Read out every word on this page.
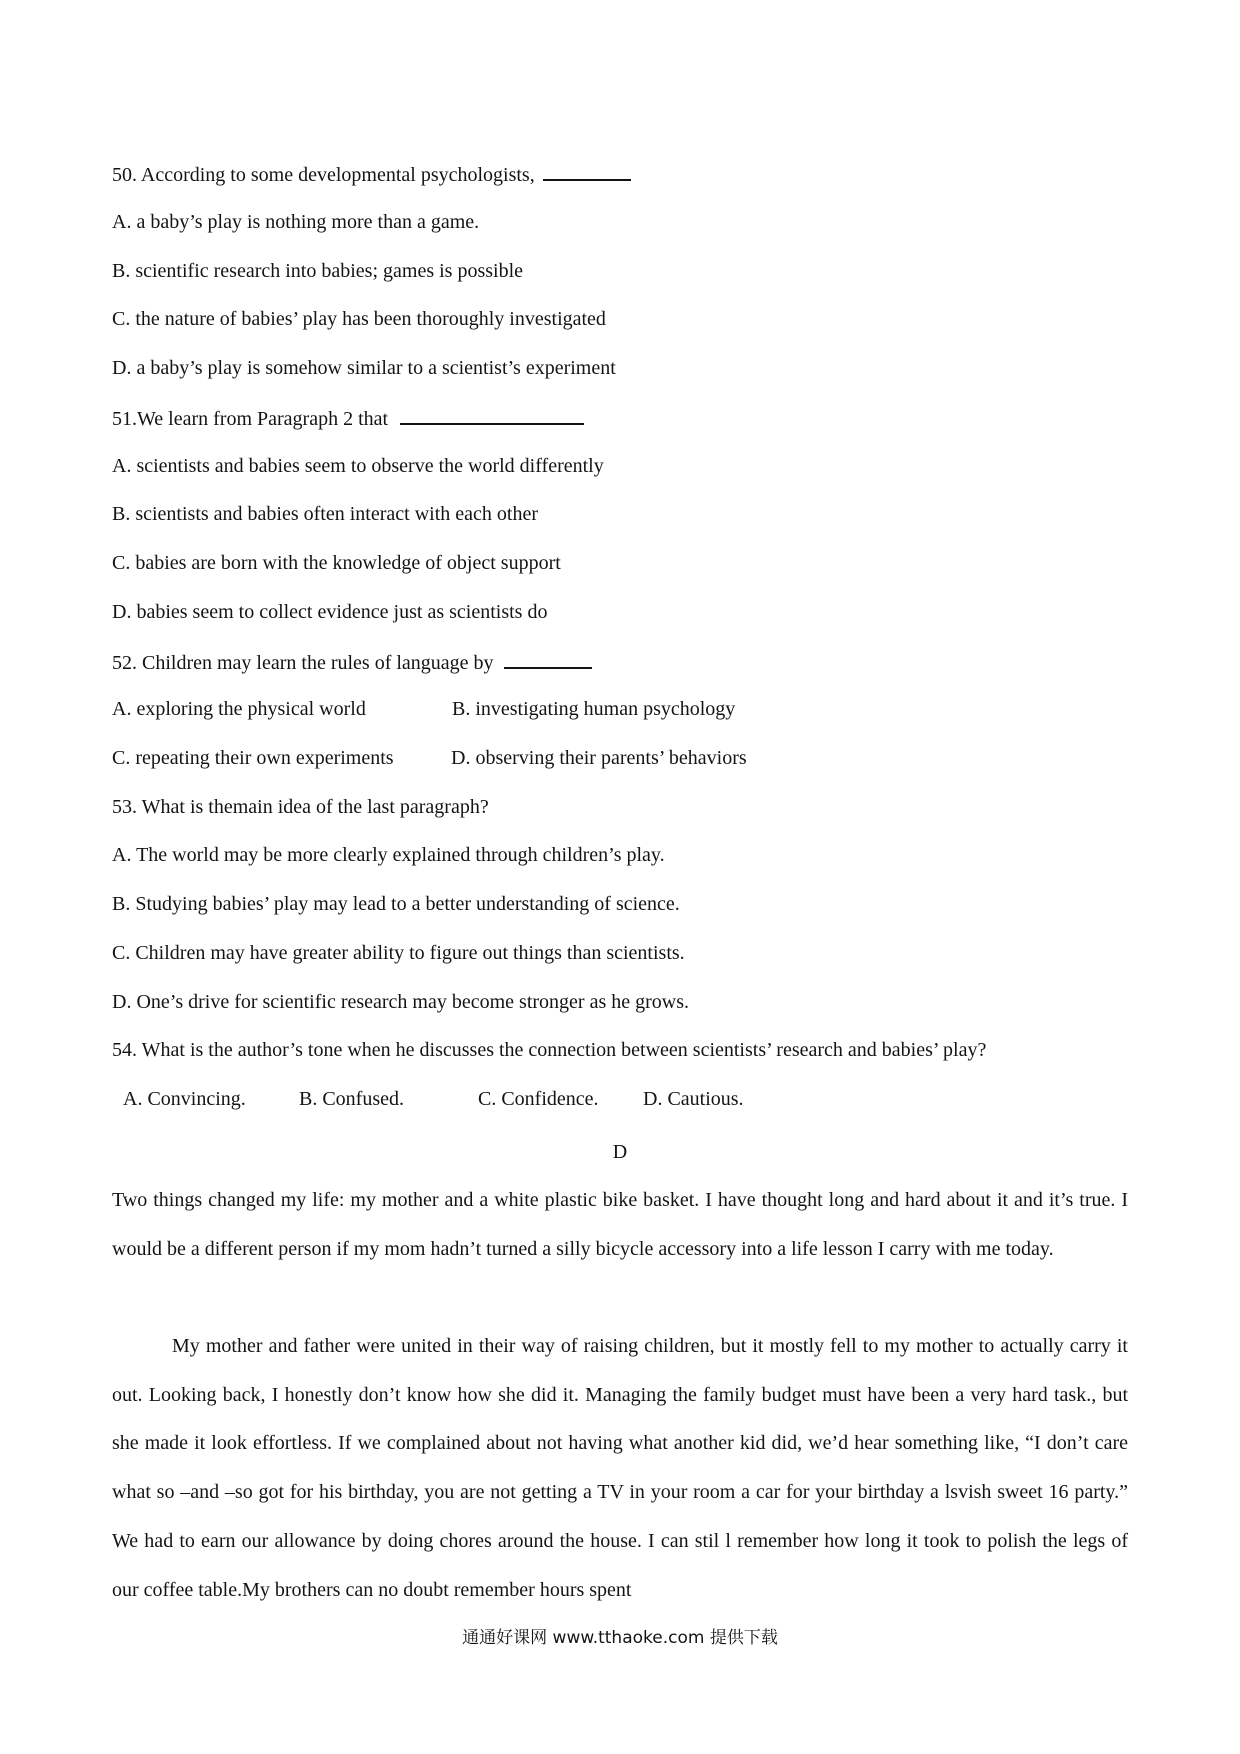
50. According to some developmental psychologists,
A. a baby’s play is nothing more than a game.
B. scientific research into babies; games is possible
C. the nature of babies’ play has been thoroughly investigated
D. a baby’s play is somehow similar to a scientist’s experiment
51.We learn from Paragraph 2 that
A. scientists and babies seem to observe the world differently
B. scientists and babies often interact with each other
C. babies are born with the knowledge of object support
D. babies seem to collect evidence just as scientists do
52. Children may learn the rules of language by
A. exploring the physical world	B. investigating human psychology
C. repeating their own experiments	D. observing their parents’ behaviors
53. What is themain idea of the last paragraph?
A. The world may be more clearly explained through children’s play.
B. Studying babies’ play may lead to a better understanding of science.
C. Children may have greater ability to figure out things than scientists.
D. One’s drive for scientific research may become stronger as he grows.
54. What is the author’s tone when he discusses the connection between scientists’ research and babies’ play?
A. Convincing.	B. Confused.	C. Confidence. D. Cautious.
D
Two things changed my life: my mother and a white plastic bike basket. I have thought long and hard about it and it’s true. I would be a different person if my mom hadn’t turned a silly bicycle accessory into a life lesson I carry with me today.
My mother and father were united in their way of raising children, but it mostly fell to my mother to actually carry it out. Looking back, I honestly don’t know how she did it. Managing the family budget must have been a very hard task., but she made it look effortless. If we complained about not having what another kid did, we’d hear something like, “I don’t care what so –and –so got for his birthday, you are not getting a TV in your room a car for your birthday a lsvish sweet 16 party.” We had to earn our allowance by doing chores around the house. I can stil l remember how long it took to polish the legs of our coffee table.My brothers can no doubt remember hours spent
通通好课网 www.tthaoke.com 提供下载
